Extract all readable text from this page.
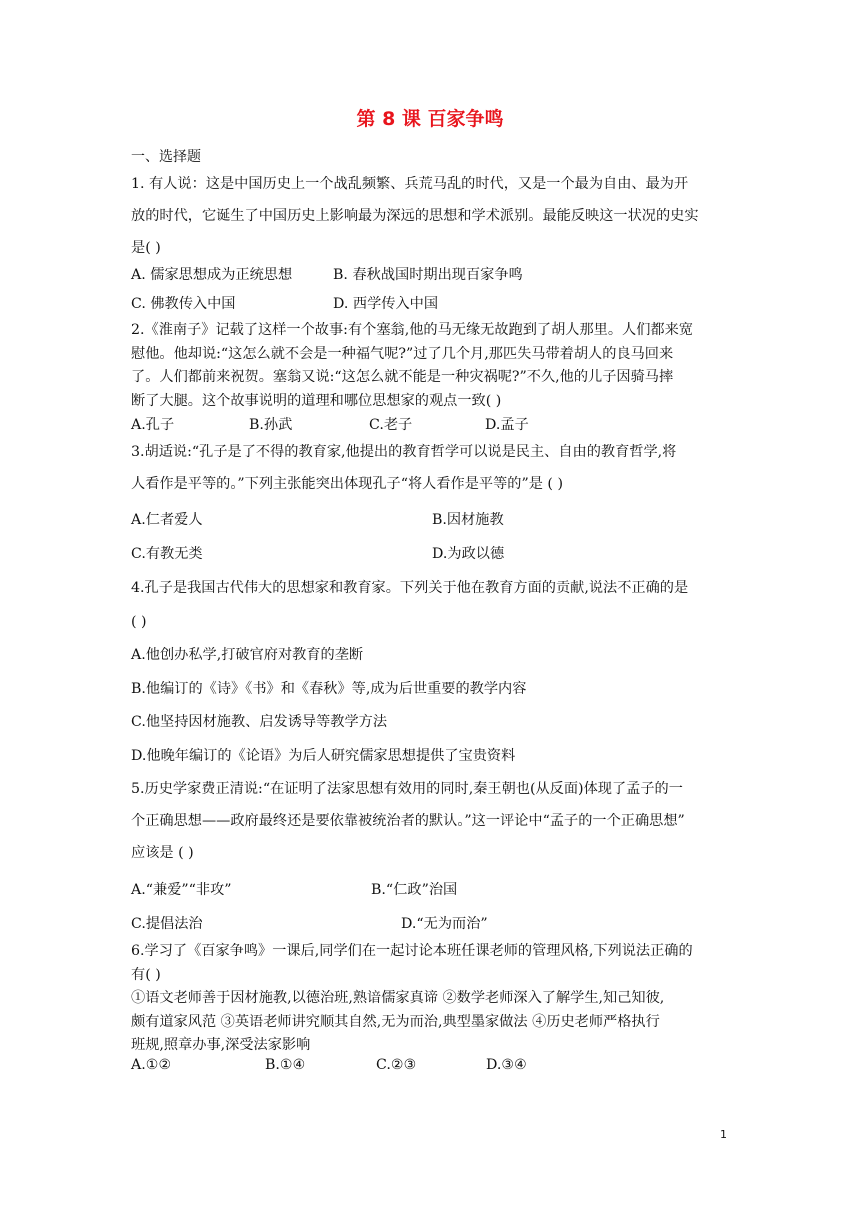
第 8 课 百家争鸣
一、选择题
1. 有人说：这是中国历史上一个战乱频繁、兵荒马乱的时代，又是一个最为自由、最为开
放的时代，它诞生了中国历史上影响最为深远的思想和学术派别。最能反映这一状况的史实
是( )
A. 儒家思想成为正统思想	B. 春秋战国时期出现百家争鸣
C. 佛教传入中国	D. 西学传入中国
2.《淮南子》记载了这样一个故事:有个塞翁,他的马无缘无故跑到了胡人那里。人们都来宽
慰他。他却说:“这怎么就不会是一种福气呢?”过了几个月,那匹失马带着胡人的良马回来
了。人们都前来祝贺。塞翁又说:“这怎么就不能是一种灾祸呢?”不久,他的儿子因骑马摔
断了大腿。这个故事说明的道理和哪位思想家的观点一致( )
A.孔子	B.孙武	C.老子	D.孟子
3.胡适说:“孔子是了不得的教育家,他提出的教育哲学可以说是民主、自由的教育哲学,将
人看作是平等的。”下列主张能突出体现孔子“将人看作是平等的”是 ( )
A.仁者爱人	B.因材施教
C.有教无类	D.为政以德
4.孔子是我国古代伟大的思想家和教育家。下列关于他在教育方面的贡献,说法不正确的是
( )
A.他创办私学,打破官府对教育的垄断
B.他编订的《诗》《书》和《春秋》等,成为后世重要的教学内容
C.他坚持因材施教、启发诱导等教学方法
D.他晚年编订的《论语》为后人研究儒家思想提供了宝贵资料
5.历史学家费正清说:“在证明了法家思想有效用的同时,秦王朝也(从反面)体现了孟子的一
个正确思想——政府最终还是要依靠被统治者的默认。”这一评论中“孟子的一个正确思想”
应该是 ( )
A.“兼爱”“非攻”	B.“仁政”治国
C.提倡法治	D.“无为而治”
6.学习了《百家争鸣》一课后,同学们在一起讨论本班任课老师的管理风格,下列说法正确的
有( )
①语文老师善于因材施教,以德治班,熟谙儒家真谛 ②数学老师深入了解学生,知己知彼,
颇有道家风范 ③英语老师讲究顺其自然,无为而治,典型墨家做法 ④历史老师严格执行
班规,照章办事,深受法家影响
A.①②	B.①④	C.②③	D.③④
1
